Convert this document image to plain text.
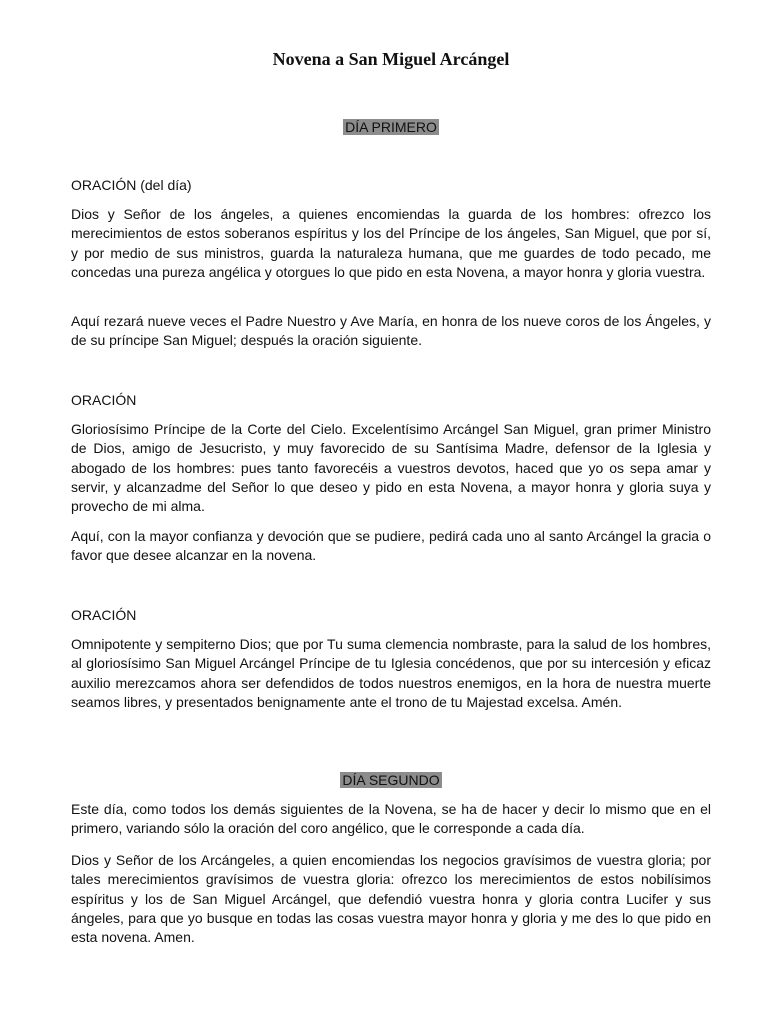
Novena a San Miguel Arcángel
DÍA PRIMERO

ORACIÓN (del día)

Dios y Señor de los ángeles, a quienes encomiendas la guarda de los hombres: ofrezco los merecimientos de estos soberanos espíritus y los del Príncipe de los ángeles, San Miguel, que por sí, y por medio de sus ministros, guarda la naturaleza humana, que me guardes de todo pecado, me concedas una pureza angélica y otorgues lo que pido en esta Novena, a mayor honra y gloria vuestra.

Aquí rezará nueve veces el Padre Nuestro y Ave María, en honra de los nueve coros de los Ángeles, y de su príncipe San Miguel; después la oración siguiente.

ORACIÓN

Gloriosísimo Príncipe de la Corte del Cielo. Excelentísimo Arcángel San Miguel, gran primer Ministro de Dios, amigo de Jesucristo, y muy favorecido de su Santísima Madre, defensor de la Iglesia y abogado de los hombres: pues tanto favorecéis a vuestros devotos, haced que yo os sepa amar y servir, y alcanzadme del Señor lo que deseo y pido en esta Novena, a mayor honra y gloria suya y provecho de mi alma.

Aquí, con la mayor confianza y devoción que se pudiere, pedirá cada uno al santo Arcángel la gracia o favor que desee alcanzar en la novena.

ORACIÓN

Omnipotente y sempiterno Dios; que por Tu suma clemencia nombraste, para la salud de los hombres, al gloriosísimo San Miguel Arcángel Príncipe de tu Iglesia concédenos, que por su intercesión y eficaz auxilio merezcamos ahora ser defendidos de todos nuestros enemigos, en la hora de nuestra muerte seamos libres, y presentados benignamente ante el trono de tu Majestad excelsa. Amén.

DÍA SEGUNDO

Este día, como todos los demás siguientes de la Novena, se ha de hacer y decir lo mismo que en el primero, variando sólo la oración del coro angélico, que le corresponde a cada día.

Dios y Señor de los Arcángeles, a quien encomiendas los negocios gravísimos de vuestra gloria; por tales merecimientos gravísimos de vuestra gloria: ofrezco los merecimientos de estos nobilísimos espíritus y los de San Miguel Arcángel, que defendió vuestra honra y gloria contra Lucifer y sus ángeles, para que yo busque en todas las cosas vuestra mayor honra y gloria y me des lo que pido en esta novena. Amen.
